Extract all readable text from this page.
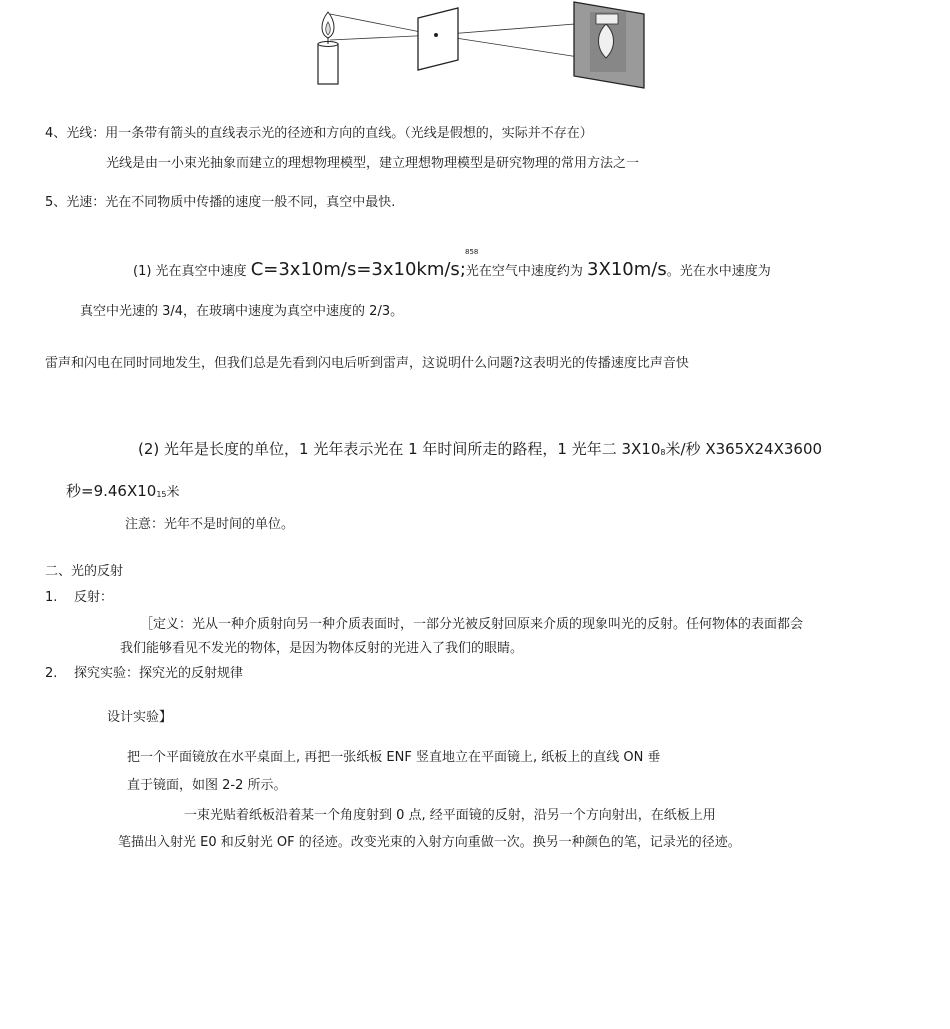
4、光线：用一条带有箭头的直线表示光的径迹和方向的直线。（光线是假想的，实际并不存在）
光线是由一小束光抽象而建立的理想物理模型，建立理想物理模型是研究物理的常用方法之一
5、光速：光在不同物质中传播的速度一般不同，真空中最快.
858
(1) 光在真空中速度 C=3x10m/s=3x10km/s;光在空气中速度约为 3X10m/s。光在水中速度为
真空中光速的 3/4，在玻璃中速度为真空中速度的 2/3。
雷声和闪电在同时同地发生，但我们总是先看到闪电后听到雷声，这说明什么问题?这表明光的传播速度比声音快
(2) 光年是长度的单位，1 光年表示光在 1 年时间所走的路程，1 光年二 3X108米/秒 X365X24X3600
秒=9.46X1015米
注意：光年不是时间的单位。
二、光的反射
1. 反射：
［定义：光从一种介质射向另一种介质表面时，一部分光被反射回原来介质的现象叫光的反射。任何物体的表面都会
我们能够看见不发光的物体，是因为物体反射的光进入了我们的眼睛。
2. 探究实验：探究光的反射规律
设计实验】
把一个平面镜放在水平桌面上, 再把一张纸板 ENF 竖直地立在平面镜上, 纸板上的直线 ON 垂
直于镜面，如图 2-2 所示。
一束光贴着纸板沿着某一个角度射到 0 点, 经平面镜的反射，沿另一个方向射出，在纸板上用
笔描出入射光 E0 和反射光 OF 的径迹。改变光束的入射方向重做一次。换另一种颜色的笔，记录光的径迹。
